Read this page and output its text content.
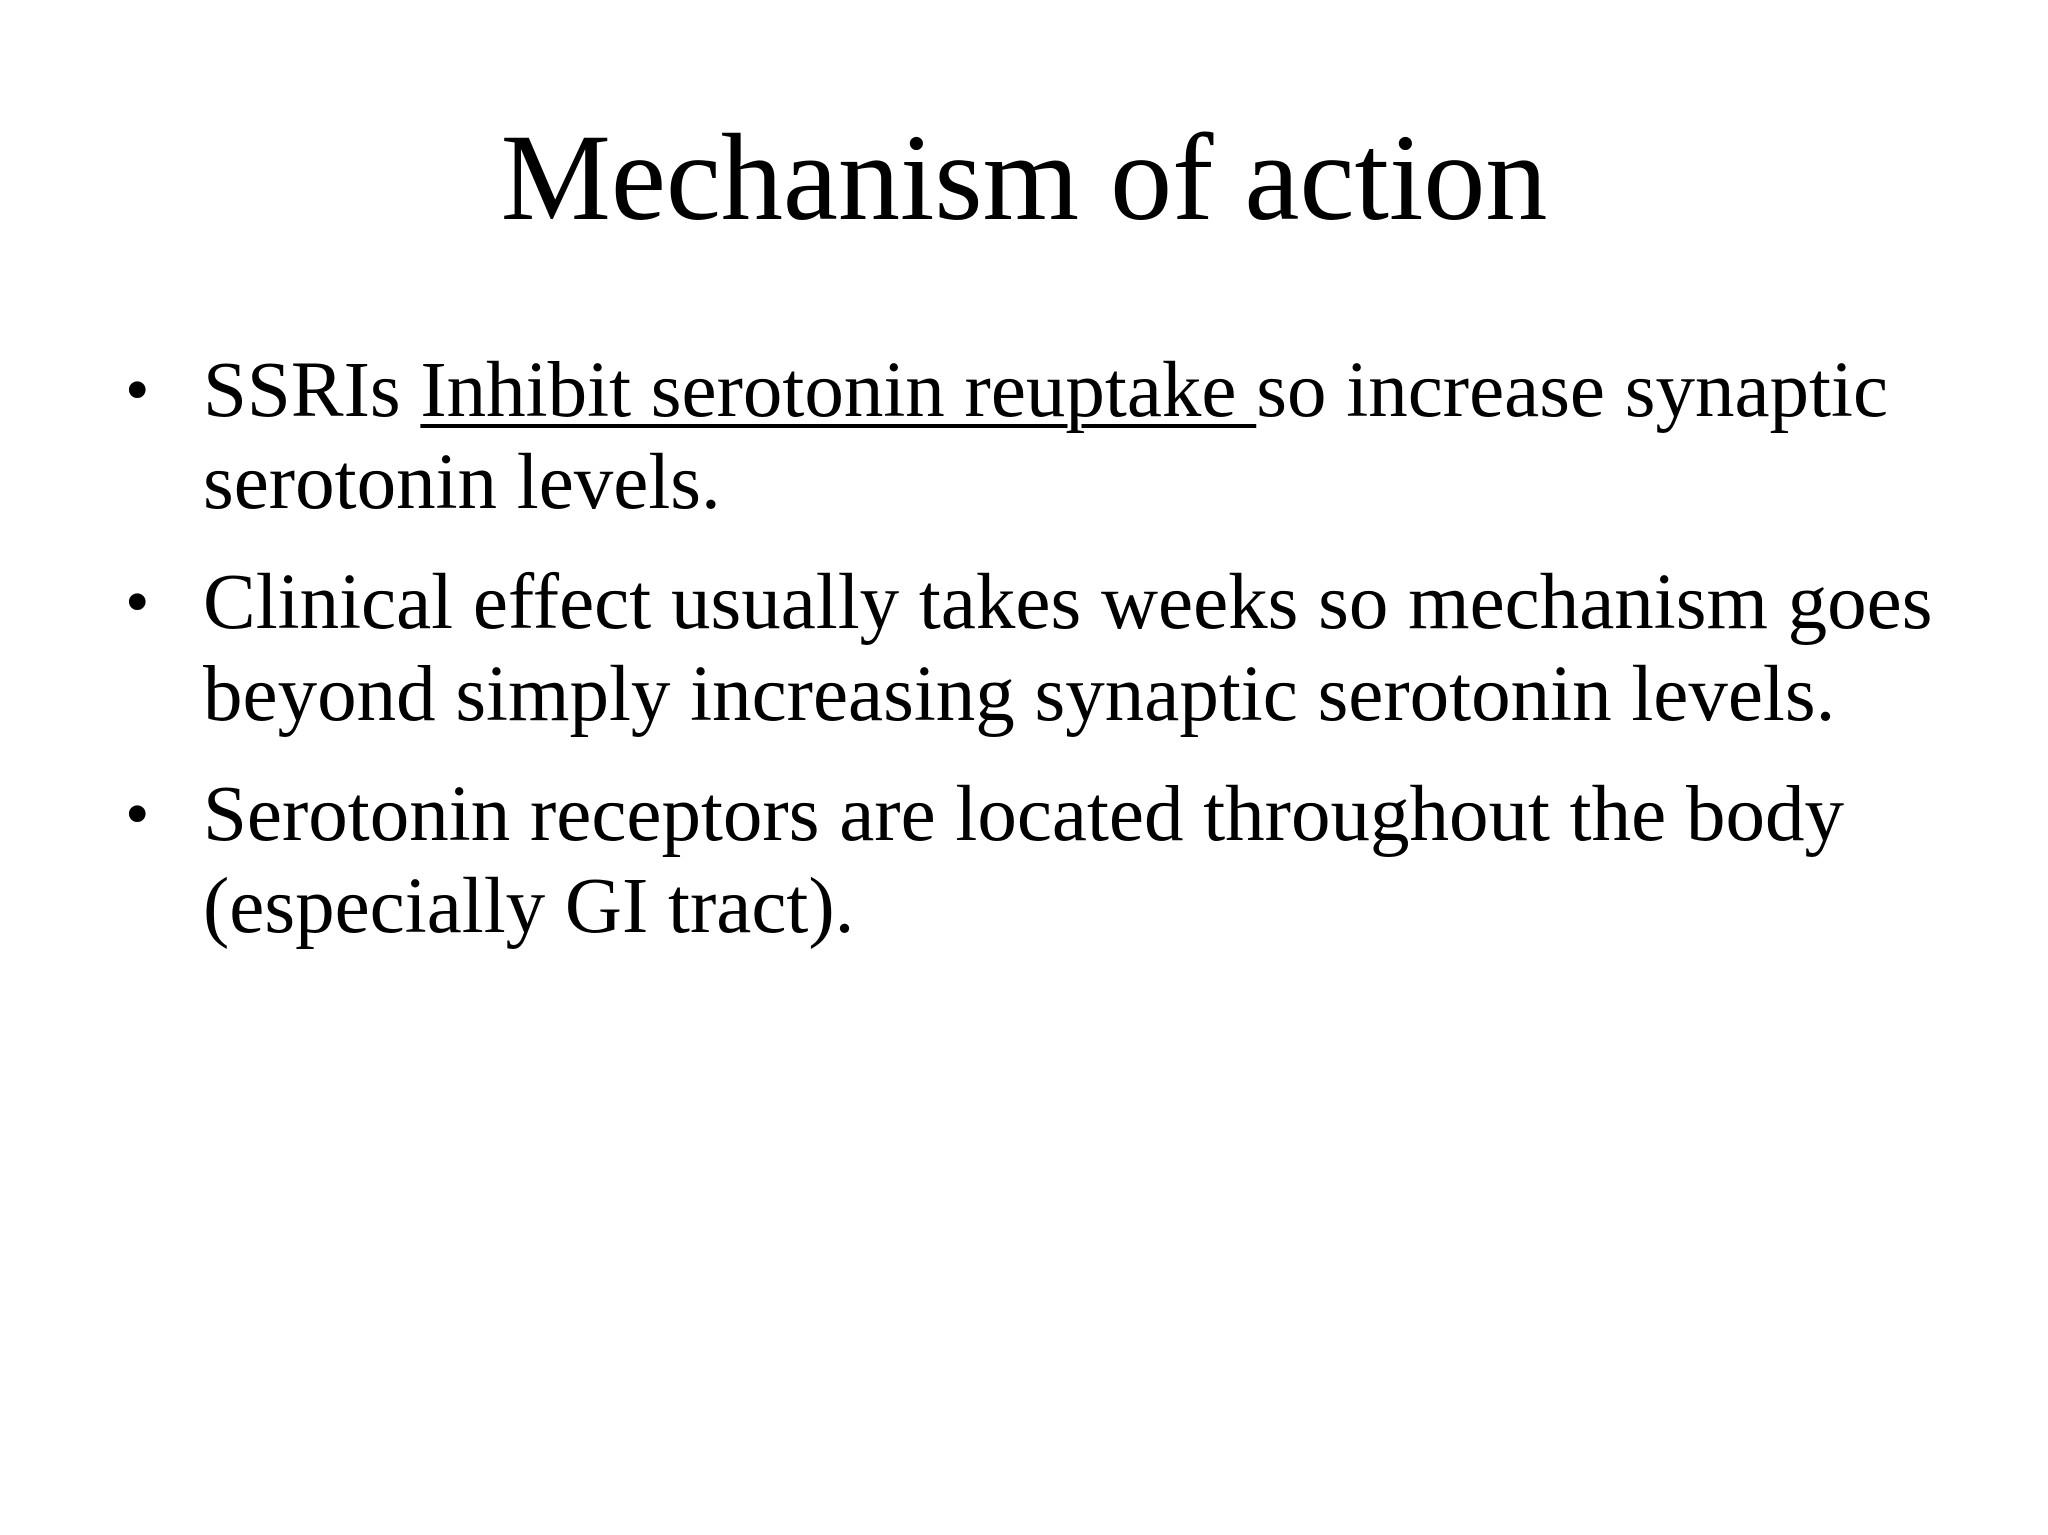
Mechanism of action
• SSRIs Inhibit serotonin reuptake so increase synaptic serotonin levels.
• Clinical effect usually takes weeks so mechanism goes beyond simply increasing synaptic serotonin levels.
• Serotonin receptors are located throughout the body (especially GI tract).
